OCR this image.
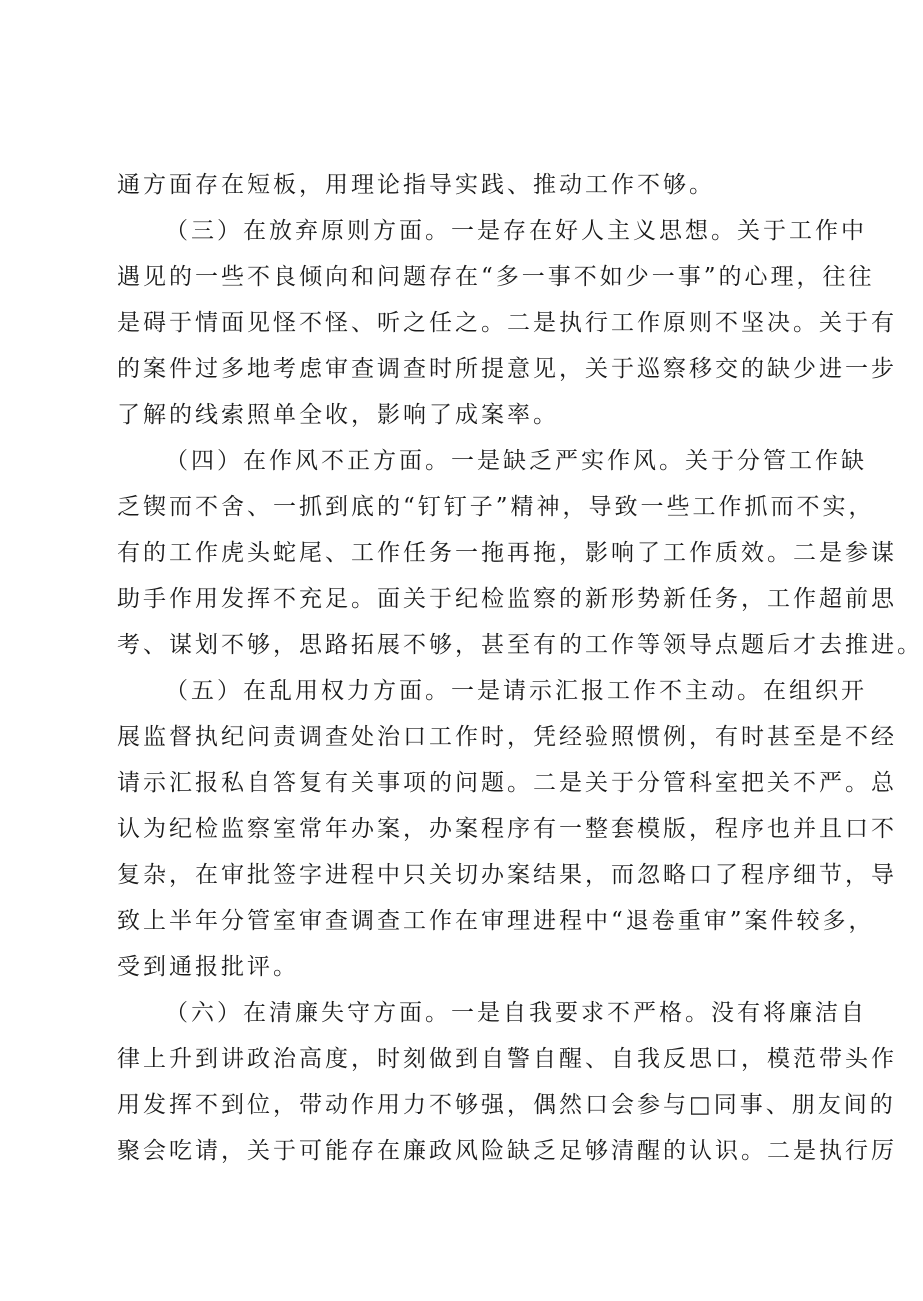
通方面存在短板，用理论指导实践、推动工作不够。
（三）在放弃原则方面。一是存在好人主义思想。关于工作中
遇见的一些不良倾向和问题存在“多一事不如少一事”的心理，往往
是碍于情面见怪不怪、听之任之。二是执行工作原则不坚决。关于有
的案件过多地考虑审查调查时所提意见，关于巡察移交的缺少进一步
了解的线索照单全收，影响了成案率。
（四）在作风不正方面。一是缺乏严实作风。关于分管工作缺
乏锲而不舍、一抓到底的“钉钉子”精神，导致一些工作抓而不实，
有的工作虎头蛇尾、工作任务一拖再拖，影响了工作质效。二是参谋
助手作用发挥不充足。面关于纪检监察的新形势新任务，工作超前思
考、谋划不够，思路拓展不够，甚至有的工作等领导点题后才去推进。
（五）在乱用权力方面。一是请示汇报工作不主动。在组织开
展监督执纪问责调查处治口工作时，凭经验照惯例，有时甚至是不经
请示汇报私自答复有关事项的问题。二是关于分管科室把关不严。总
认为纪检监察室常年办案，办案程序有一整套模版，程序也并且口不
复杂，在审批签字进程中只关切办案结果，而忽略口了程序细节，导
致上半年分管室审查调查工作在审理进程中“退卷重审”案件较多，
受到通报批评。
（六）在清廉失守方面。一是自我要求不严格。没有将廉洁自
律上升到讲政治高度，时刻做到自警自醒、自我反思口，模范带头作
用发挥不到位，带动作用力不够强，偶然口会参与□同事、朋友间的
聚会吃请，关于可能存在廉政风险缺乏足够清醒的认识。二是执行厉
